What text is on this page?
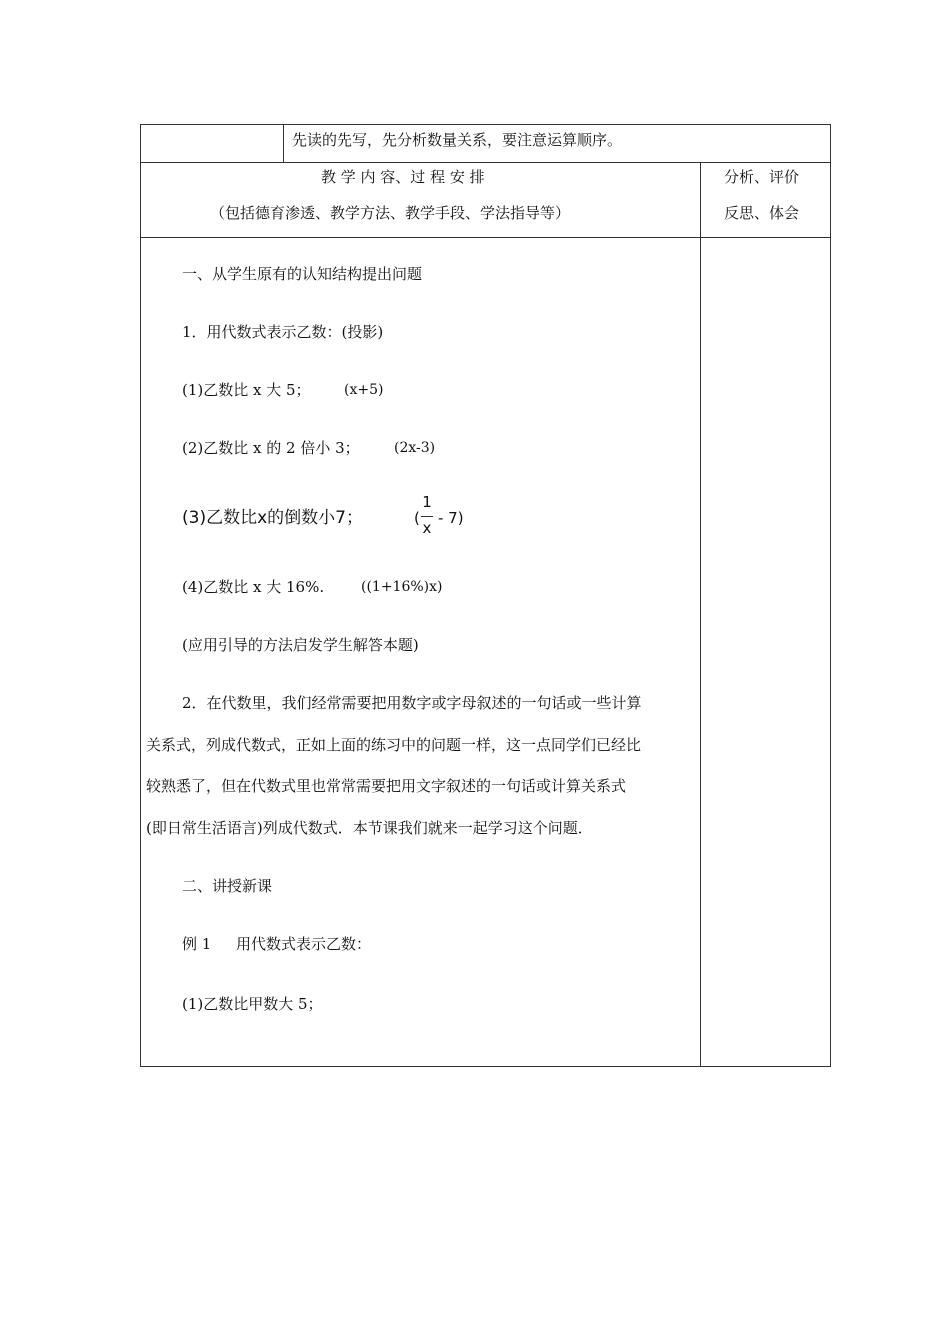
先读的先写，先分析数量关系，要注意运算顺序。
教 学 内 容、过 程 安 排
（包括德育渗透、教学方法、教学手段、学法指导等）
分析、评价
反思、体会
一、从学生原有的认知结构提出问题
1．用代数式表示乙数：(投影)
(1)乙数比 x 大 5； (x+5)
(2)乙数比 x 的 2 倍小 3； (2x-3)
(3)乙数比x的倒数小7；	(
1
x
- 7)
(4)乙数比 x 大 16%.	((1+16%)x)
(应用引导的方法启发学生解答本题)
2．在代数里，我们经常需要把用数字或字母叙述的一句话或一些计算
关系式，列成代数式，正如上面的练习中的问题一样，这一点同学们已经比
较熟悉了，但在代数式里也常常需要把用文字叙述的一句话或计算关系式
(即日常生活语言)列成代数式．本节课我们就来一起学习这个问题．
二、讲授新课
例 1 用代数式表示乙数：
(1)乙数比甲数大 5；
